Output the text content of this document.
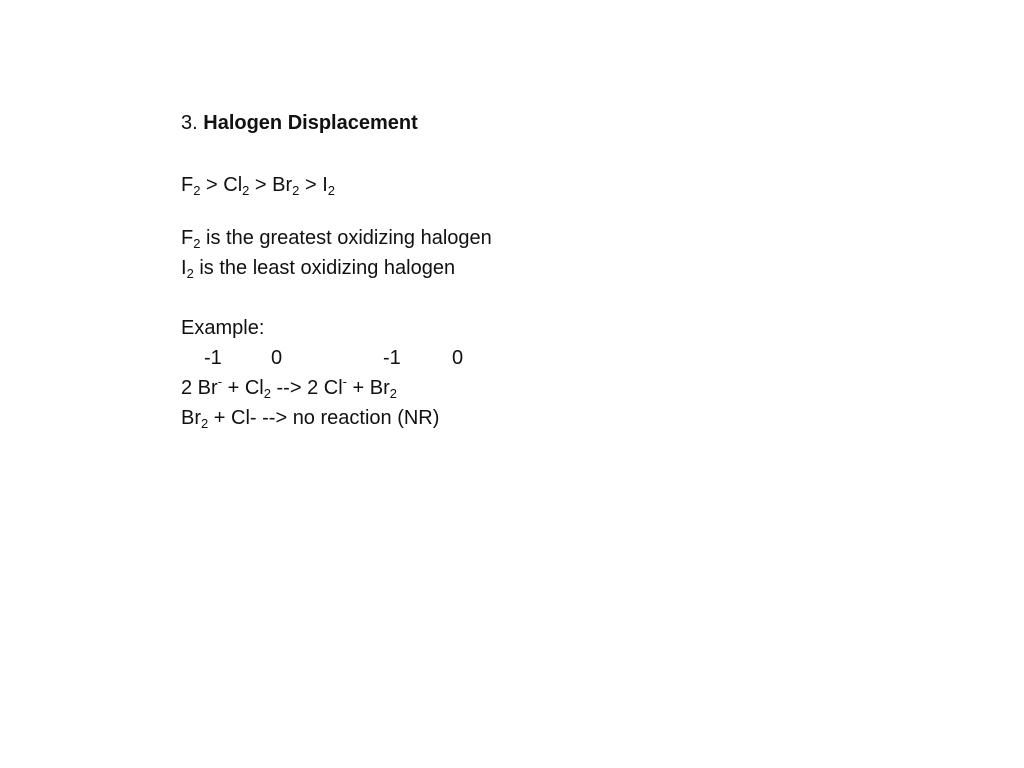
3. Halogen Displacement
$F_2 > Cl_2 > Br_2 > I_2$
$F_2$ is the greatest oxidizing halogen
$I_2$ is the least oxidizing halogen
Example:
-1 0	-1	0
2 $Br^- + Cl_2$ --> 2 $Cl^- + Br_2$
$Br_2 + Cl-$ --> no reaction (NR)
